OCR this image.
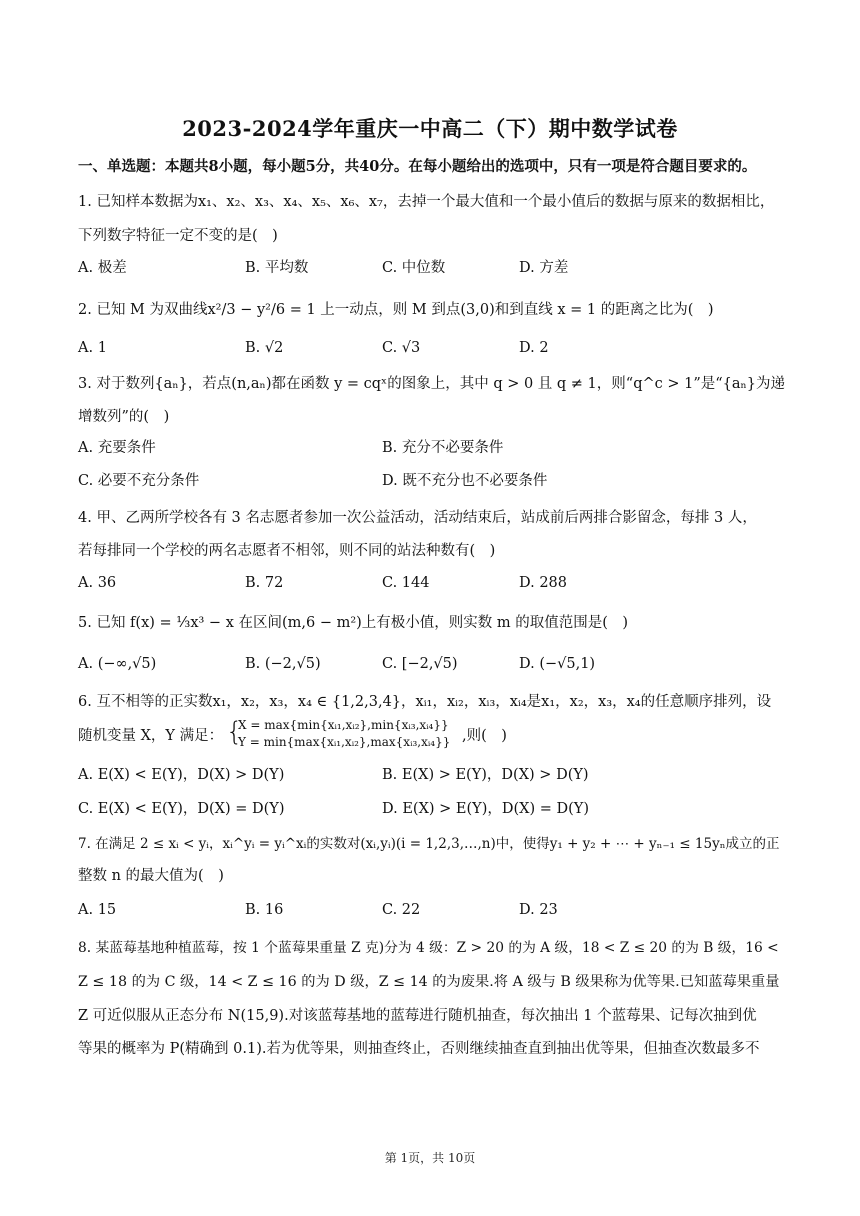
2023-2024学年重庆一中高二（下）期中数学试卷
一、单选题：本题共8小题，每小题5分，共40分。在每小题给出的选项中，只有一项是符合题目要求的。
1. 已知样本数据为x₁、x₂、x₃、x₄、x₅、x₆、x₇，去掉一个最大值和一个最小值后的数据与原来的数据相比，
下列数字特征一定不变的是(　)
A. 极差	B. 平均数	C. 中位数	D. 方差
2. 已知 M 为双曲线x²/3 − y²/6 = 1 上一动点，则 M 到点(3,0)和到直线 x = 1 的距离之比为(　)
A. 1	B. √2	C. √3	D. 2
3. 对于数列{aₙ}，若点(n,aₙ)都在函数 y = cqˣ的图象上，其中 q > 0 且 q ≠ 1，则“q^c > 1”是“{aₙ}为递
增数列”的(　)
A. 充要条件	B. 充分不必要条件
C. 必要不充分条件	D. 既不充分也不必要条件
4. 甲、乙两所学校各有 3 名志愿者参加一次公益活动，活动结束后，站成前后两排合影留念，每排 3 人，
若每排同一个学校的两名志愿者不相邻，则不同的站法种数有(　)
A. 36	B. 72	C. 144	D. 288
5. 已知 f(x) = ⅓x³ − x 在区间(m,6 − m²)上有极小值，则实数 m 的取值范围是(　)
A. (−∞,√5)	B. (−2,√5)	C. [−2,√5)	D. (−√5,1)
6. 互不相等的正实数x₁，x₂，x₃，x₄ ∈ {1,2,3,4}，xᵢ₁，xᵢ₂，xᵢ₃，xᵢ₄是x₁，x₂，x₃，x₄的任意顺序排列，设
随机变量 X，Y 满足： {
X = max{min{xᵢ₁,xᵢ₂},min{xᵢ₃,xᵢ₄}}
Y = min{max{xᵢ₁,xᵢ₂},max{xᵢ₃,xᵢ₄}} ,则(　)
A. E(X) < E(Y)，D(X) > D(Y)	B. E(X) > E(Y)，D(X) > D(Y)
C. E(X) < E(Y)，D(X) = D(Y)	D. E(X) > E(Y)，D(X) = D(Y)
7. 在满足 2 ≤ xᵢ < yᵢ，xᵢ^yᵢ = yᵢ^xᵢ的实数对(xᵢ,yᵢ)(i = 1,2,3,…,n)中，使得y₁ + y₂ + ⋯ + yₙ₋₁ ≤ 15yₙ成立的正
整数 n 的最大值为(　)
A. 15	B. 16	C. 22	D. 23
8. 某蓝莓基地种植蓝莓，按 1 个蓝莓果重量 Z 克)分为 4 级：Z > 20 的为 A 级，18 < Z ≤ 20 的为 B 级，16 <
Z ≤ 18 的为 C 级，14 < Z ≤ 16 的为 D 级，Z ≤ 14 的为废果.将 A 级与 B 级果称为优等果.已知蓝莓果重量
Z 可近似服从正态分布 N(15,9).对该蓝莓基地的蓝莓进行随机抽查，每次抽出 1 个蓝莓果、记每次抽到优
等果的概率为 P(精确到 0.1).若为优等果，则抽查终止，否则继续抽查直到抽出优等果，但抽查次数最多不
第 1页，共 10页
